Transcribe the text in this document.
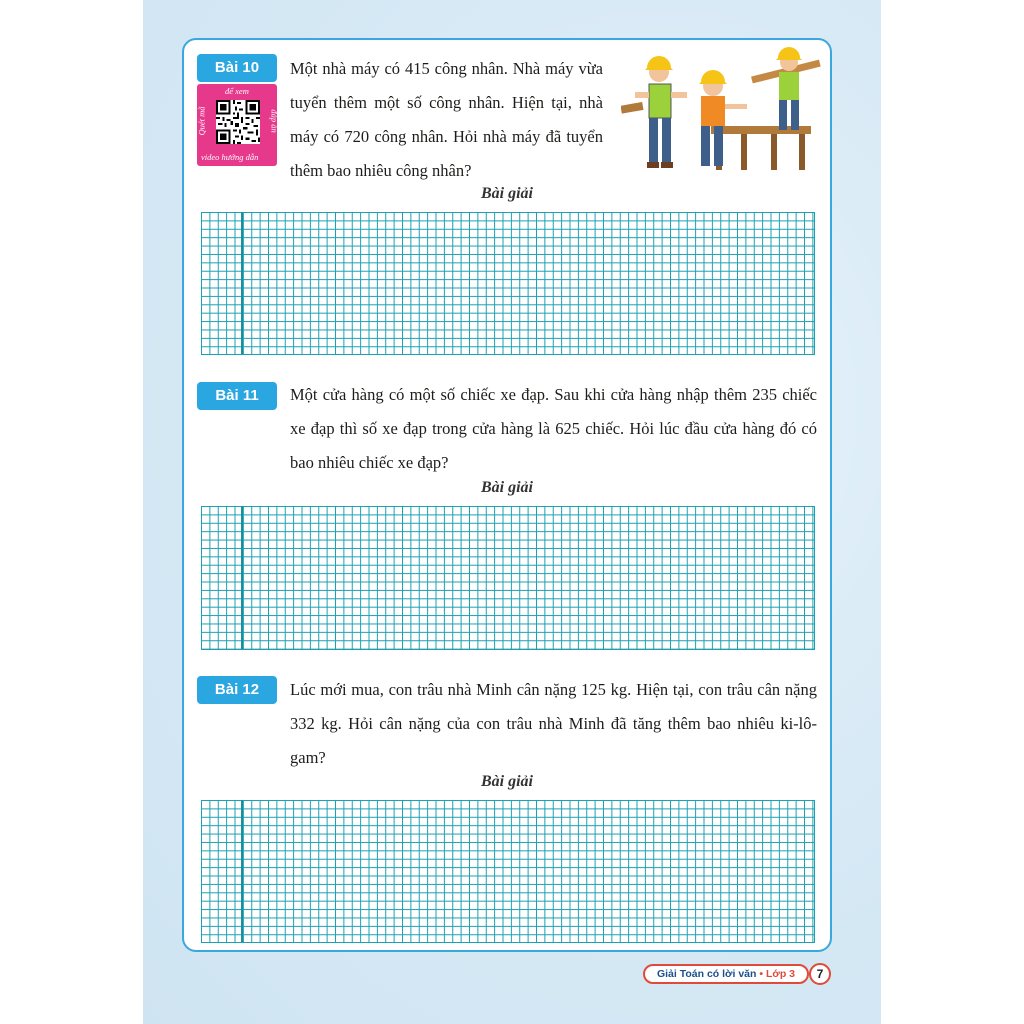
Bài 10
để xem
Quét mã	đáp án
video hướng dẫn

Một nhà máy có 415 công nhân. Nhà máy vừa tuyển thêm một số công nhân. Hiện tại, nhà máy có 720 công nhân. Hỏi nhà máy đã tuyển thêm bao nhiêu công nhân?

Bài giải
Bài 11	Một cửa hàng có một số chiếc xe đạp. Sau khi cửa hàng nhập thêm 235 chiếc xe đạp thì số xe đạp trong cửa hàng là 625 chiếc. Hỏi lúc đầu cửa hàng đó có bao nhiêu chiếc xe đạp?

Bài giải
Bài 12	Lúc mới mua, con trâu nhà Minh cân nặng 125 kg. Hiện tại, con trâu cân nặng 332 kg. Hỏi cân nặng của con trâu nhà Minh đã tăng thêm bao nhiêu ki-lô-gam?

Bài giải
Giải Toán có lời văn • Lớp 3	7
